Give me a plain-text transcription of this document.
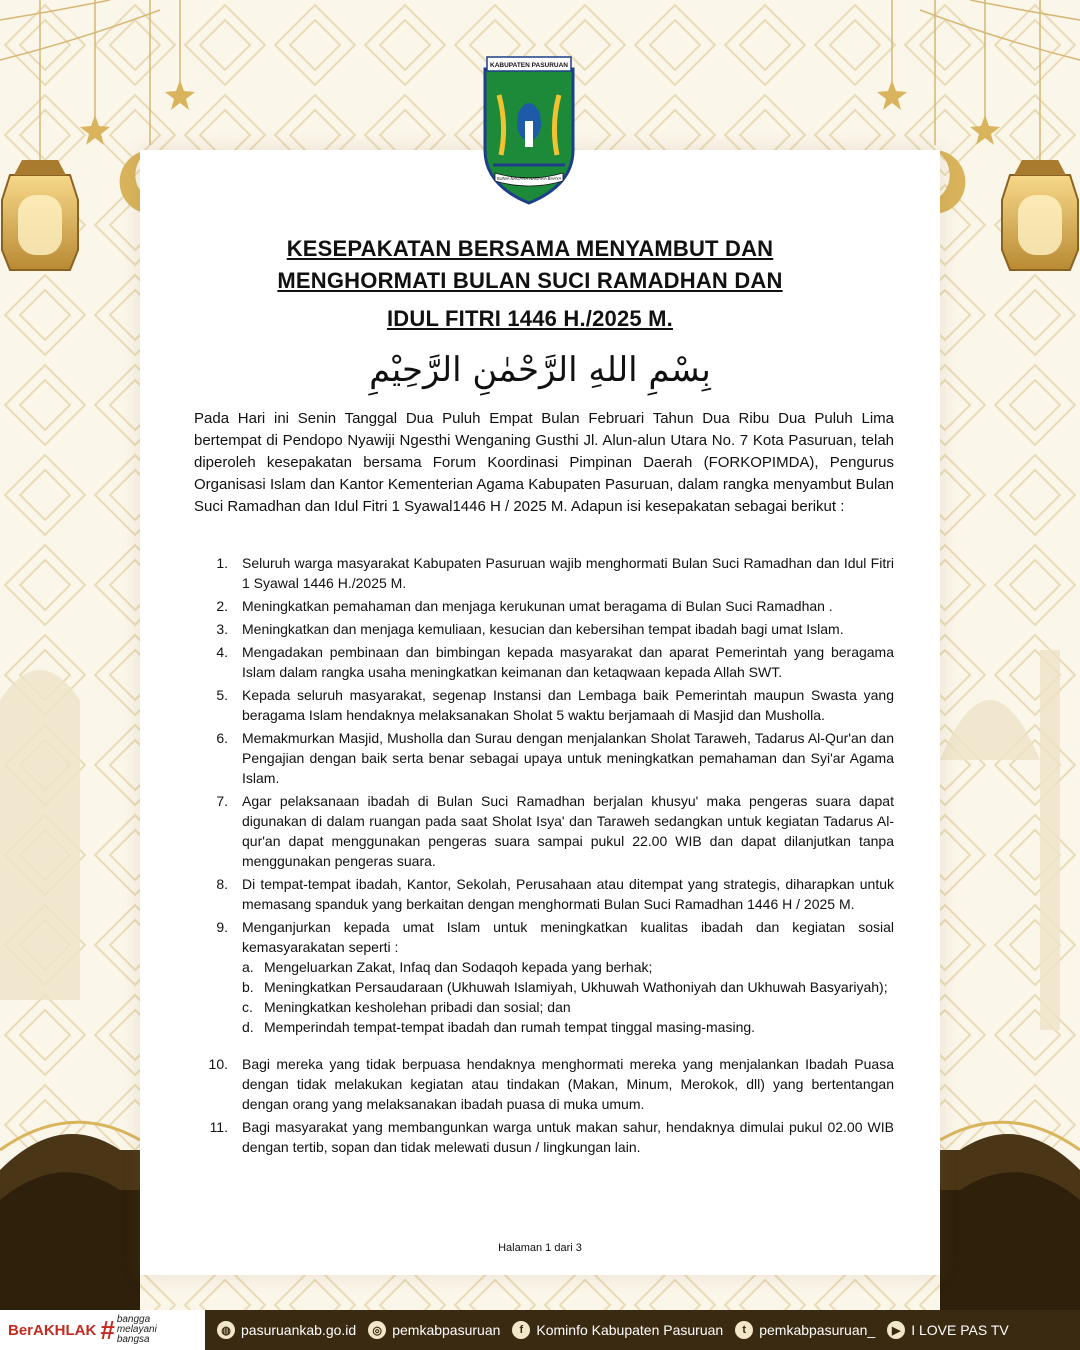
KABUPATEN PASURUAN
SUNIA NAGARA NAGARA BHAYA
KESEPAKATAN BERSAMA MENYAMBUT DAN
MENGHORMATI BULAN SUCI RAMADHAN DAN
IDUL FITRI 1446 H./2025 M.
بِسْمِ اللهِ الرَّحْمٰنِ الرَّحِيْمِ
Pada Hari ini Senin Tanggal Dua Puluh Empat Bulan Februari Tahun Dua Ribu Dua Puluh Lima bertempat di Pendopo Nyawiji Ngesthi Wenganing Gusthi Jl. Alun-alun Utara No. 7 Kota Pasuruan, telah diperoleh kesepakatan bersama Forum Koordinasi Pimpinan Daerah (FORKOPIMDA), Pengurus Organisasi Islam dan Kantor Kementerian Agama Kabupaten Pasuruan, dalam rangka menyambut Bulan Suci Ramadhan dan Idul Fitri 1 Syawal1446 H / 2025 M. Adapun isi kesepakatan sebagai berikut :
1.	Seluruh warga masyarakat Kabupaten Pasuruan wajib menghormati Bulan Suci Ramadhan dan Idul Fitri 1 Syawal 1446 H./2025 M.
2.	Meningkatkan pemahaman dan menjaga kerukunan umat beragama di Bulan Suci Ramadhan .
3.	Meningkatkan dan menjaga kemuliaan, kesucian dan kebersihan tempat ibadah bagi umat Islam.
4.	Mengadakan pembinaan dan bimbingan kepada masyarakat dan aparat Pemerintah yang beragama Islam dalam rangka usaha meningkatkan keimanan dan ketaqwaan kepada Allah SWT.
5.	Kepada seluruh masyarakat, segenap Instansi dan Lembaga baik Pemerintah maupun Swasta yang beragama Islam hendaknya melaksanakan Sholat 5 waktu berjamaah di Masjid dan Musholla.
6.	Memakmurkan Masjid, Musholla dan Surau dengan menjalankan Sholat Taraweh, Tadarus Al-Qur'an dan Pengajian dengan baik serta benar sebagai upaya untuk meningkatkan pemahaman dan Syi'ar Agama Islam.
7.	Agar pelaksanaan ibadah di Bulan Suci Ramadhan berjalan khusyu' maka pengeras suara dapat digunakan di dalam ruangan pada saat Sholat Isya' dan Taraweh sedangkan untuk kegiatan Tadarus Al-qur'an dapat menggunakan pengeras suara sampai pukul 22.00 WIB dan dapat dilanjutkan tanpa menggunakan pengeras suara.
8.	Di tempat-tempat ibadah, Kantor, Sekolah, Perusahaan atau ditempat yang strategis, diharapkan untuk memasang spanduk yang berkaitan dengan menghormati Bulan Suci Ramadhan 1446 H / 2025 M.
9.	Menganjurkan kepada umat Islam untuk meningkatkan kualitas ibadah dan kegiatan sosial kemasyarakatan seperti :
a. Mengeluarkan Zakat, Infaq dan Sodaqoh kepada yang berhak;
b. Meningkatkan Persaudaraan (Ukhuwah Islamiyah, Ukhuwah Wathoniyah dan Ukhuwah Basyariyah);
c. Meningkatkan kesholehan pribadi dan sosial; dan
d. Memperindah tempat-tempat ibadah dan rumah tempat tinggal masing-masing.
10.	Bagi mereka yang tidak berpuasa hendaknya menghormati mereka yang menjalankan Ibadah Puasa dengan tidak melakukan kegiatan atau tindakan (Makan, Minum, Merokok, dll) yang bertentangan dengan orang yang melaksanakan ibadah puasa di muka umum.
11.	Bagi masyarakat yang membangunkan warga untuk makan sahur, hendaknya dimulai pukul 02.00 WIB dengan tertib, sopan dan tidak melewati dusun / lingkungan lain.
Halaman 1 dari 3
BerAKHLAK # bangga
melayani
bangsa
◍ pasuruankab.go.id	◎ pemkabpasuruan	f Kominfo Kabupaten Pasuruan	t pemkabpasuruan_	▶ I LOVE PAS TV
